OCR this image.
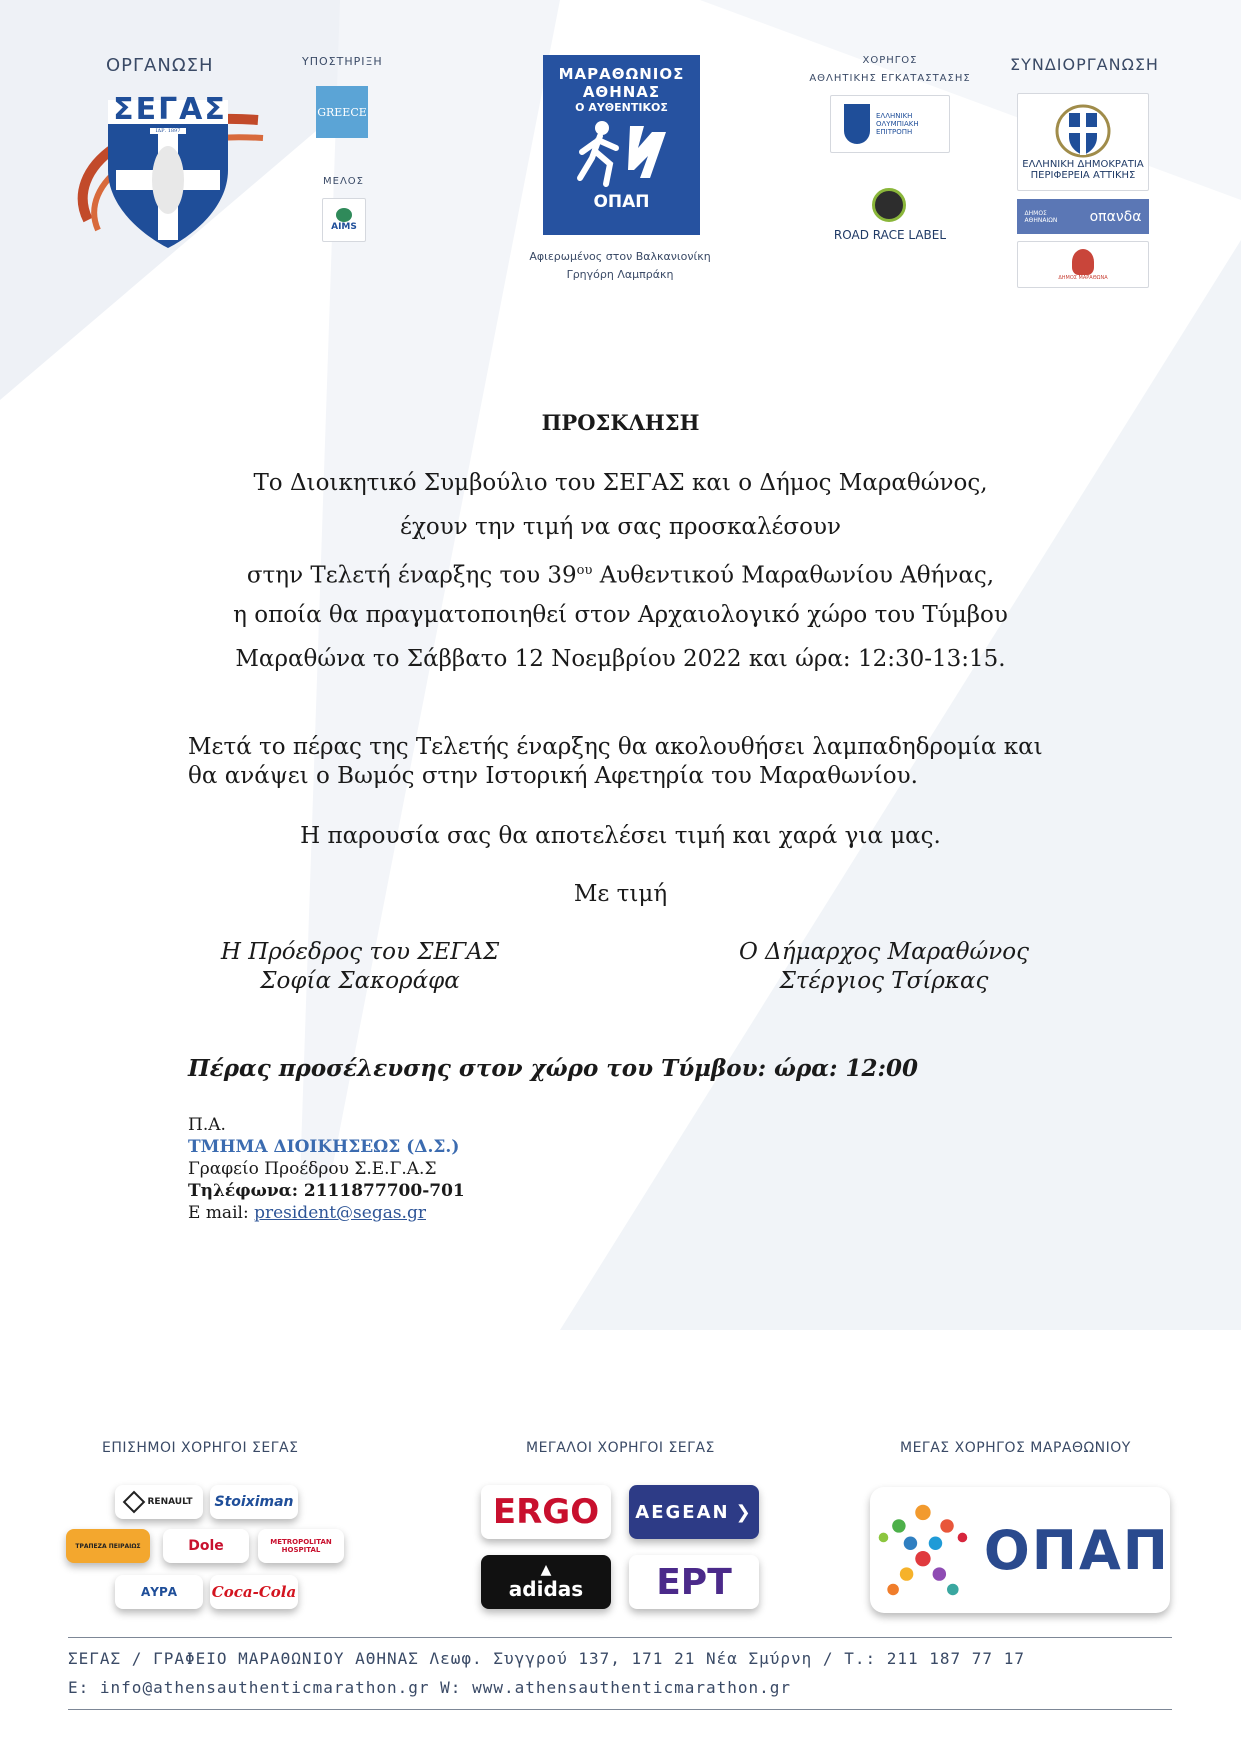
ΟΡΓΑΝΩΣΗ
ΣΕΓΑΣ
ΙΔΡ. 1897
ΥΠΟΣΤΗΡΙΞΗ
GREECE
ΜΕΛΟΣ
AIMS
ΜΑΡΑΘΩΝΙΟΣ
ΑΘΗΝΑΣ
Ο ΑΥΘΕΝΤΙΚΟΣ
ΟΠΑΠ
Αφιερωμένος στον Βαλκανιονίκη
Γρηγόρη Λαμπράκη
ΧΟΡΗΓΟΣ
ΑΘΛΗΤΙΚΗΣ ΕΓΚΑΤΑΣΤΑΣΗΣ
ΕΛΛΗΝΙΚΗ ΟΛΥΜΠΙΑΚΗ ΕΠΙΤΡΟΠΗ
ROAD RACE LABEL
ΣΥΝΔΙΟΡΓΑΝΩΣΗ
ΕΛΛΗΝΙΚΗ ΔΗΜΟΚΡΑΤΙΑ
ΠΕΡΙΦΕΡΕΙΑ ΑΤΤΙΚΗΣ
ΔΗΜΟΣ ΑΘΗΝΑΙΩΝ	οπανδα
ΔΗΜΟΣ ΜΑΡΑΘΩΝΑ
ΠΡΟΣΚΛΗΣΗ
Το Διοικητικό Συμβούλιο του ΣΕΓΑΣ και ο Δήμος Μαραθώνος,
έχουν την τιμή να σας προσκαλέσουν
στην Τελετή έναρξης του $39^{o\upsilon}$ Αυθεντικού Μαραθωνίου Αθήνας,
η οποία θα πραγματοποιηθεί στον Αρχαιολογικό χώρο του Τύμβου
Μαραθώνα το Σάββατο 12 Νοεμβρίου 2022 και ώρα: 12:30-13:15.
Μετά το πέρας της Τελετής έναρξης θα ακολουθήσει λαμπαδηδρομία και
θα ανάψει ο Βωμός στην Ιστορική Αφετηρία του Μαραθωνίου.
Η παρουσία σας θα αποτελέσει τιμή και χαρά για μας.
Με τιμή
Η Πρόεδρος του ΣΕΓΑΣ
Σοφία Σακοράφα
Ο Δήμαρχος Μαραθώνος
Στέργιος Τσίρκας
Πέρας προσέλευσης στον χώρο του Τύμβου: ώρα: 12:00
Π.Α.
ΤΜΗΜΑ ΔΙΟΙΚΗΣΕΩΣ (Δ.Σ.)
Γραφείο Προέδρου Σ.Ε.Γ.Α.Σ
Τηλέφωνα: 2111877700-701
E mail: president@segas.gr
ΕΠΙΣΗΜΟΙ ΧΟΡΗΓΟΙ ΣΕΓΑΣ	ΜΕΓΑΛΟΙ ΧΟΡΗΓΟΙ ΣΕΓΑΣ	ΜΕΓΑΣ ΧΟΡΗΓΟΣ ΜΑΡΑΘΩΝΙΟΥ
RENAULT Stoiximan
ΤΡΑΠΕΖΑ ΠΕΙΡΑΙΩΣ	Dole	METROPOLITAN HOSPITAL
ΑΥΡΑ Coca-Cola
ERGO AEGEAN ❯
▲
adidas ΕΡΤ
ΟΠΑΠ
ΣΕΓΑΣ / ΓΡΑΦΕΙΟ ΜΑΡΑΘΩΝΙΟΥ ΑΘΗΝΑΣ Λεωφ. Συγγρού 137, 171 21 Νέα Σμύρνη / Τ.: 211 187 77 17
E: info@athensauthenticmarathon.gr W: www.athensauthenticmarathon.gr
